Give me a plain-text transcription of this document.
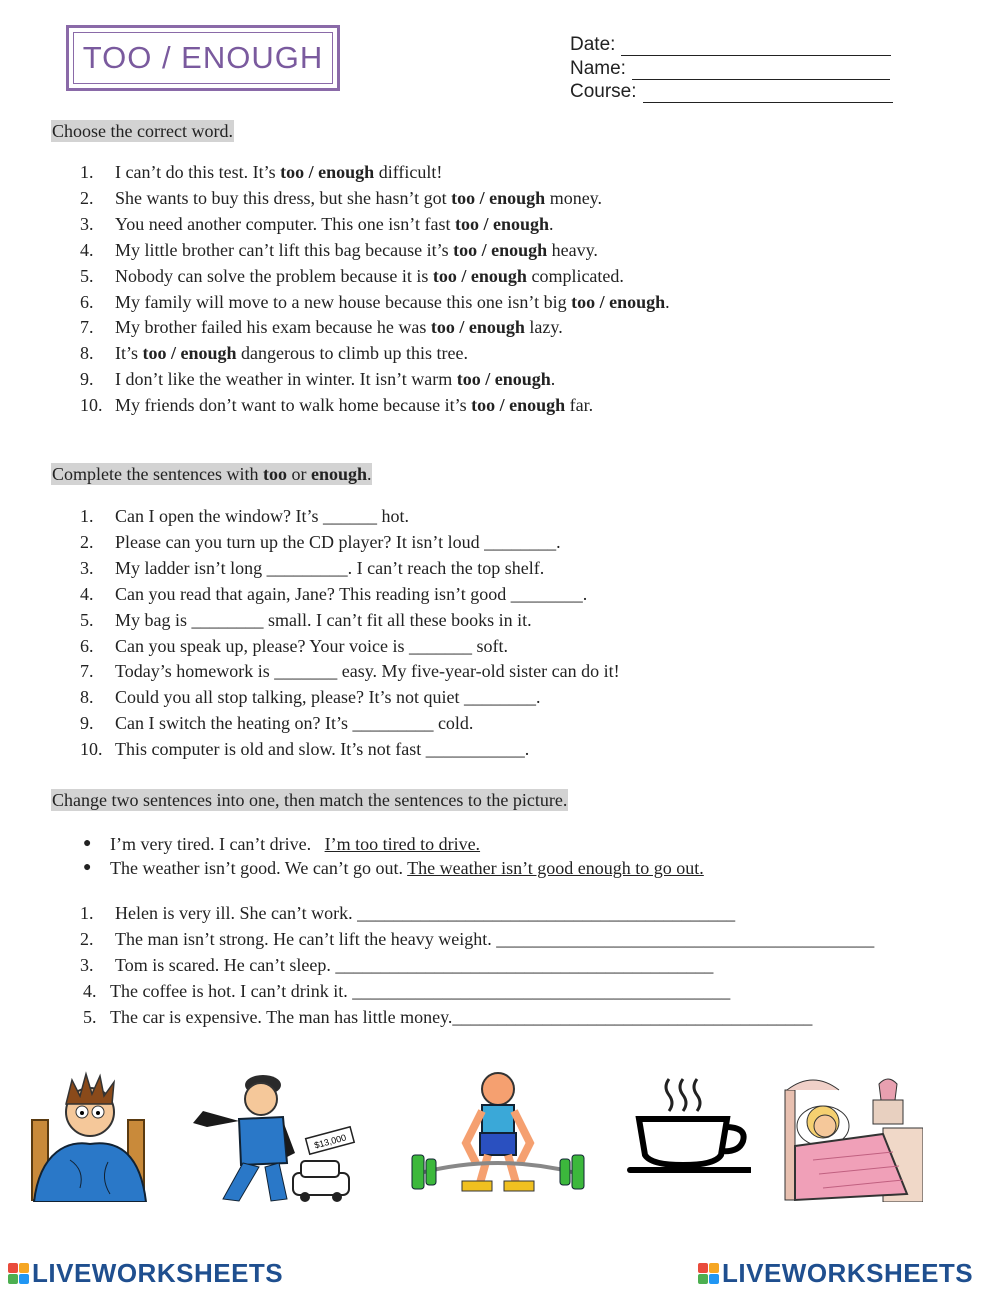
TOO / ENOUGH	Date:
Name:
Course:
Choose the correct word.
1.	I can’t do this test. It’s too / enough difficult!
2.	She wants to buy this dress, but she hasn’t got too / enough money.
3.	You need another computer. This one isn’t fast too / enough.
4.	My little brother can’t lift this bag because it’s too / enough heavy.
5.	Nobody can solve the problem because it is too / enough complicated.
6.	My family will move to a new house because this one isn’t big too / enough.
7.	My brother failed his exam because he was too / enough lazy.
8.	It’s too / enough dangerous to climb up this tree.
9.	I don’t like the weather in winter. It isn’t warm too / enough.
10. My friends don’t want to walk home because it’s too / enough far.
Complete the sentences with too or enough.
1.	Can I open the window? It’s ______ hot.
2.	Please can you turn up the CD player? It isn’t loud ________.
3.	My ladder isn’t long _________. I can’t reach the top shelf.
4.	Can you read that again, Jane? This reading isn’t good ________.
5.	My bag is ________ small. I can’t fit all these books in it.
6.	Can you speak up, please? Your voice is _______ soft.
7.	Today’s homework is _______ easy. My five-year-old sister can do it!
8.	Could you all stop talking, please? It’s not quiet ________.
9.	Can I switch the heating on? It’s _________ cold.
10. This computer is old and slow. It’s not fast ___________.
Change two sentences into one, then match the sentences to the picture.
● I’m very tired. I can’t drive.   I’m too tired to drive.
● The weather isn’t good. We can’t go out. The weather isn’t good enough to go out.
1.	Helen is very ill. She can’t work. __________________________________________
2.	The man isn’t strong. He can’t lift the heavy weight. __________________________________________
3.	Tom is scared. He can’t sleep. __________________________________________
4. The coffee is hot. I can’t drink it. __________________________________________
5. The car is expensive. The man has little money.________________________________________
$13,000
LIVEWORKSHEETS	LIVEWORKSHEETS
